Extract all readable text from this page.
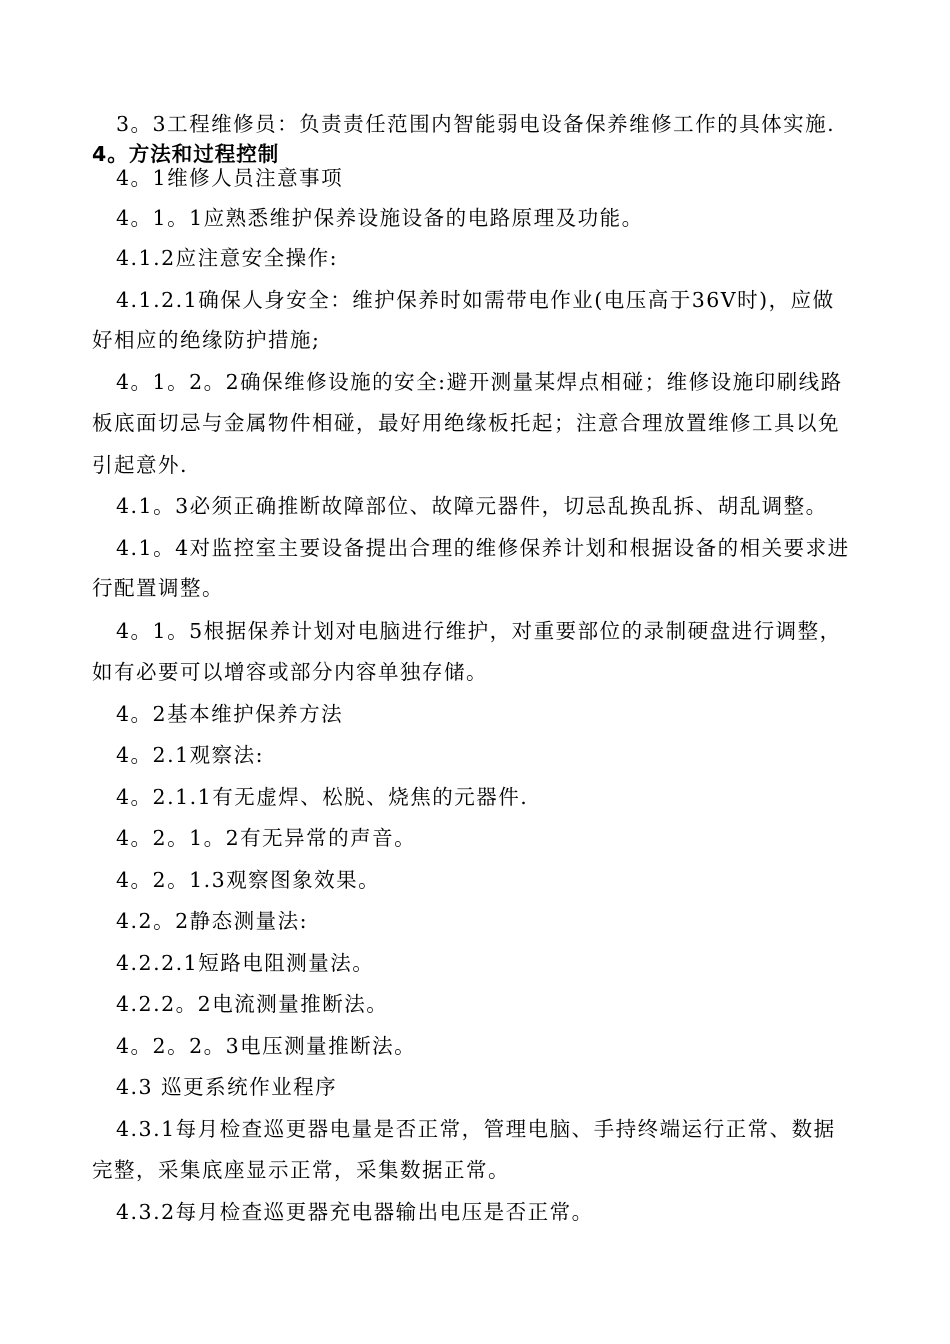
3。3工程维修员：负责责任范围内智能弱电设备保养维修工作的具体实施.
4。方法和过程控制
4。1维修人员注意事项
4。1。1应熟悉维护保养设施设备的电路原理及功能。
4.1.2应注意安全操作:
4.1.2.1确保人身安全：维护保养时如需带电作业(电压高于36V时)，应做
好相应的绝缘防护措施;
4。1。2。2确保维修设施的安全:避开测量某焊点相碰；维修设施印刷线路
板底面切忌与金属物件相碰，最好用绝缘板托起；注意合理放置维修工具以免
引起意外.
4.1。3必须正确推断故障部位、故障元器件，切忌乱换乱拆、胡乱调整。
4.1。4对监控室主要设备提出合理的维修保养计划和根据设备的相关要求进
行配置调整。
4。1。5根据保养计划对电脑进行维护，对重要部位的录制硬盘进行调整，
如有必要可以增容或部分内容单独存储。
4。2基本维护保养方法
4。2.1观察法:
4。2.1.1有无虚焊、松脱、烧焦的元器件.
4。2。1。2有无异常的声音。
4。2。1.3观察图象效果。
4.2。2静态测量法:
4.2.2.1短路电阻测量法。
4.2.2。2电流测量推断法。
4。2。2。3电压测量推断法。
4.3 巡更系统作业程序
4.3.1每月检查巡更器电量是否正常，管理电脑、手持终端运行正常、数据
完整，采集底座显示正常，采集数据正常。
4.3.2每月检查巡更器充电器输出电压是否正常。
